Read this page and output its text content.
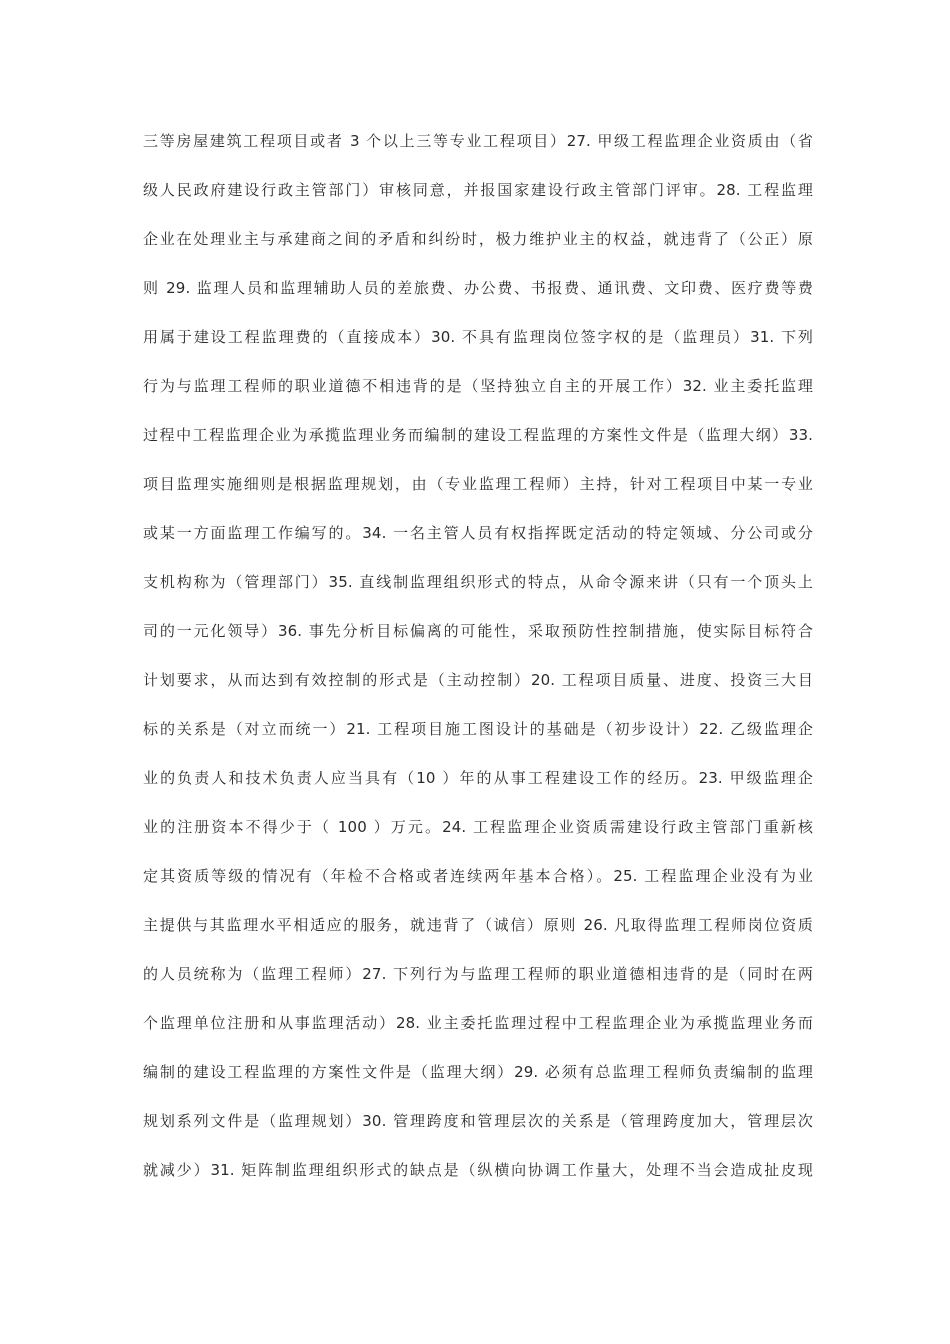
三等房屋建筑工程项目或者 3 个以上三等专业工程项目）27. 甲级工程监理企业资质由（省
级人民政府建设行政主管部门）审核同意，并报国家建设行政主管部门评审。28. 工程监理
企业在处理业主与承建商之间的矛盾和纠纷时，极力维护业主的权益，就违背了（公正）原
则 29. 监理人员和监理辅助人员的差旅费、办公费、书报费、通讯费、文印费、医疗费等费
用属于建设工程监理费的（直接成本）30. 不具有监理岗位签字权的是（监理员）31. 下列
行为与监理工程师的职业道德不相违背的是（坚持独立自主的开展工作）32. 业主委托监理
过程中工程监理企业为承揽监理业务而编制的建设工程监理的方案性文件是（监理大纲）33.
项目监理实施细则是根据监理规划，由（专业监理工程师）主持，针对工程项目中某一专业
或某一方面监理工作编写的。34. 一名主管人员有权指挥既定活动的特定领域、分公司或分
支机构称为（管理部门）35. 直线制监理组织形式的特点，从命令源来讲（只有一个顶头上
司的一元化领导）36. 事先分析目标偏离的可能性，采取预防性控制措施，使实际目标符合
计划要求，从而达到有效控制的形式是（主动控制）20. 工程项目质量、进度、投资三大目
标的关系是（对立而统一）21. 工程项目施工图设计的基础是（初步设计）22. 乙级监理企
业的负责人和技术负责人应当具有（10 ）年的从事工程建设工作的经历。23. 甲级监理企
业的注册资本不得少于（ 100 ）万元。24. 工程监理企业资质需建设行政主管部门重新核
定其资质等级的情况有（年检不合格或者连续两年基本合格）。25. 工程监理企业没有为业
主提供与其监理水平相适应的服务，就违背了（诚信）原则 26. 凡取得监理工程师岗位资质
的人员统称为（监理工程师）27. 下列行为与监理工程师的职业道德相违背的是（同时在两
个监理单位注册和从事监理活动）28. 业主委托监理过程中工程监理企业为承揽监理业务而
编制的建设工程监理的方案性文件是（监理大纲）29. 必须有总监理工程师负责编制的监理
规划系列文件是（监理规划）30. 管理跨度和管理层次的关系是（管理跨度加大，管理层次
就减少）31. 矩阵制监理组织形式的缺点是（纵横向协调工作量大，处理不当会造成扯皮现
